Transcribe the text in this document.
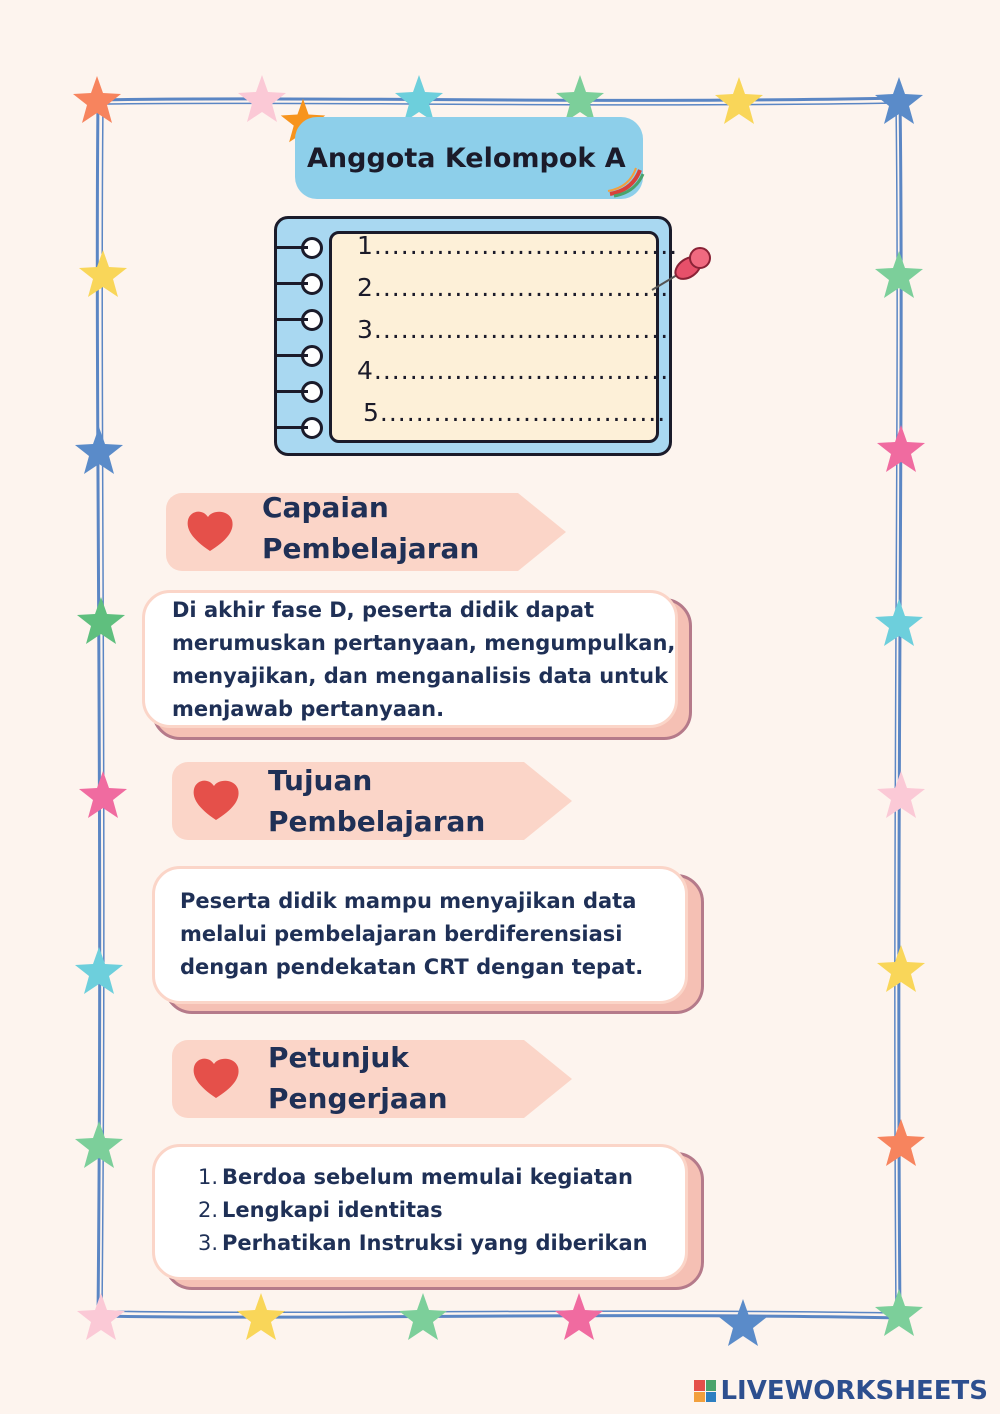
Anggota Kelompok A
1..................................
2.................................
3.................................
4.................................
5................................
Capaian
Pembelajaran
Di akhir fase D, peserta didik dapat merumuskan pertanyaan, mengumpulkan, menyajikan, dan menganalisis data untuk menjawab pertanyaan.
Tujuan
Pembelajaran
Peserta didik mampu menyajikan data melalui pembelajaran berdiferensiasi dengan pendekatan CRT dengan tepat.
Petunjuk
Pengerjaan
1. Berdoa sebelum memulai kegiatan
2. Lengkapi identitas
3. Perhatikan Instruksi yang diberikan
LIVEWORKSHEETS
